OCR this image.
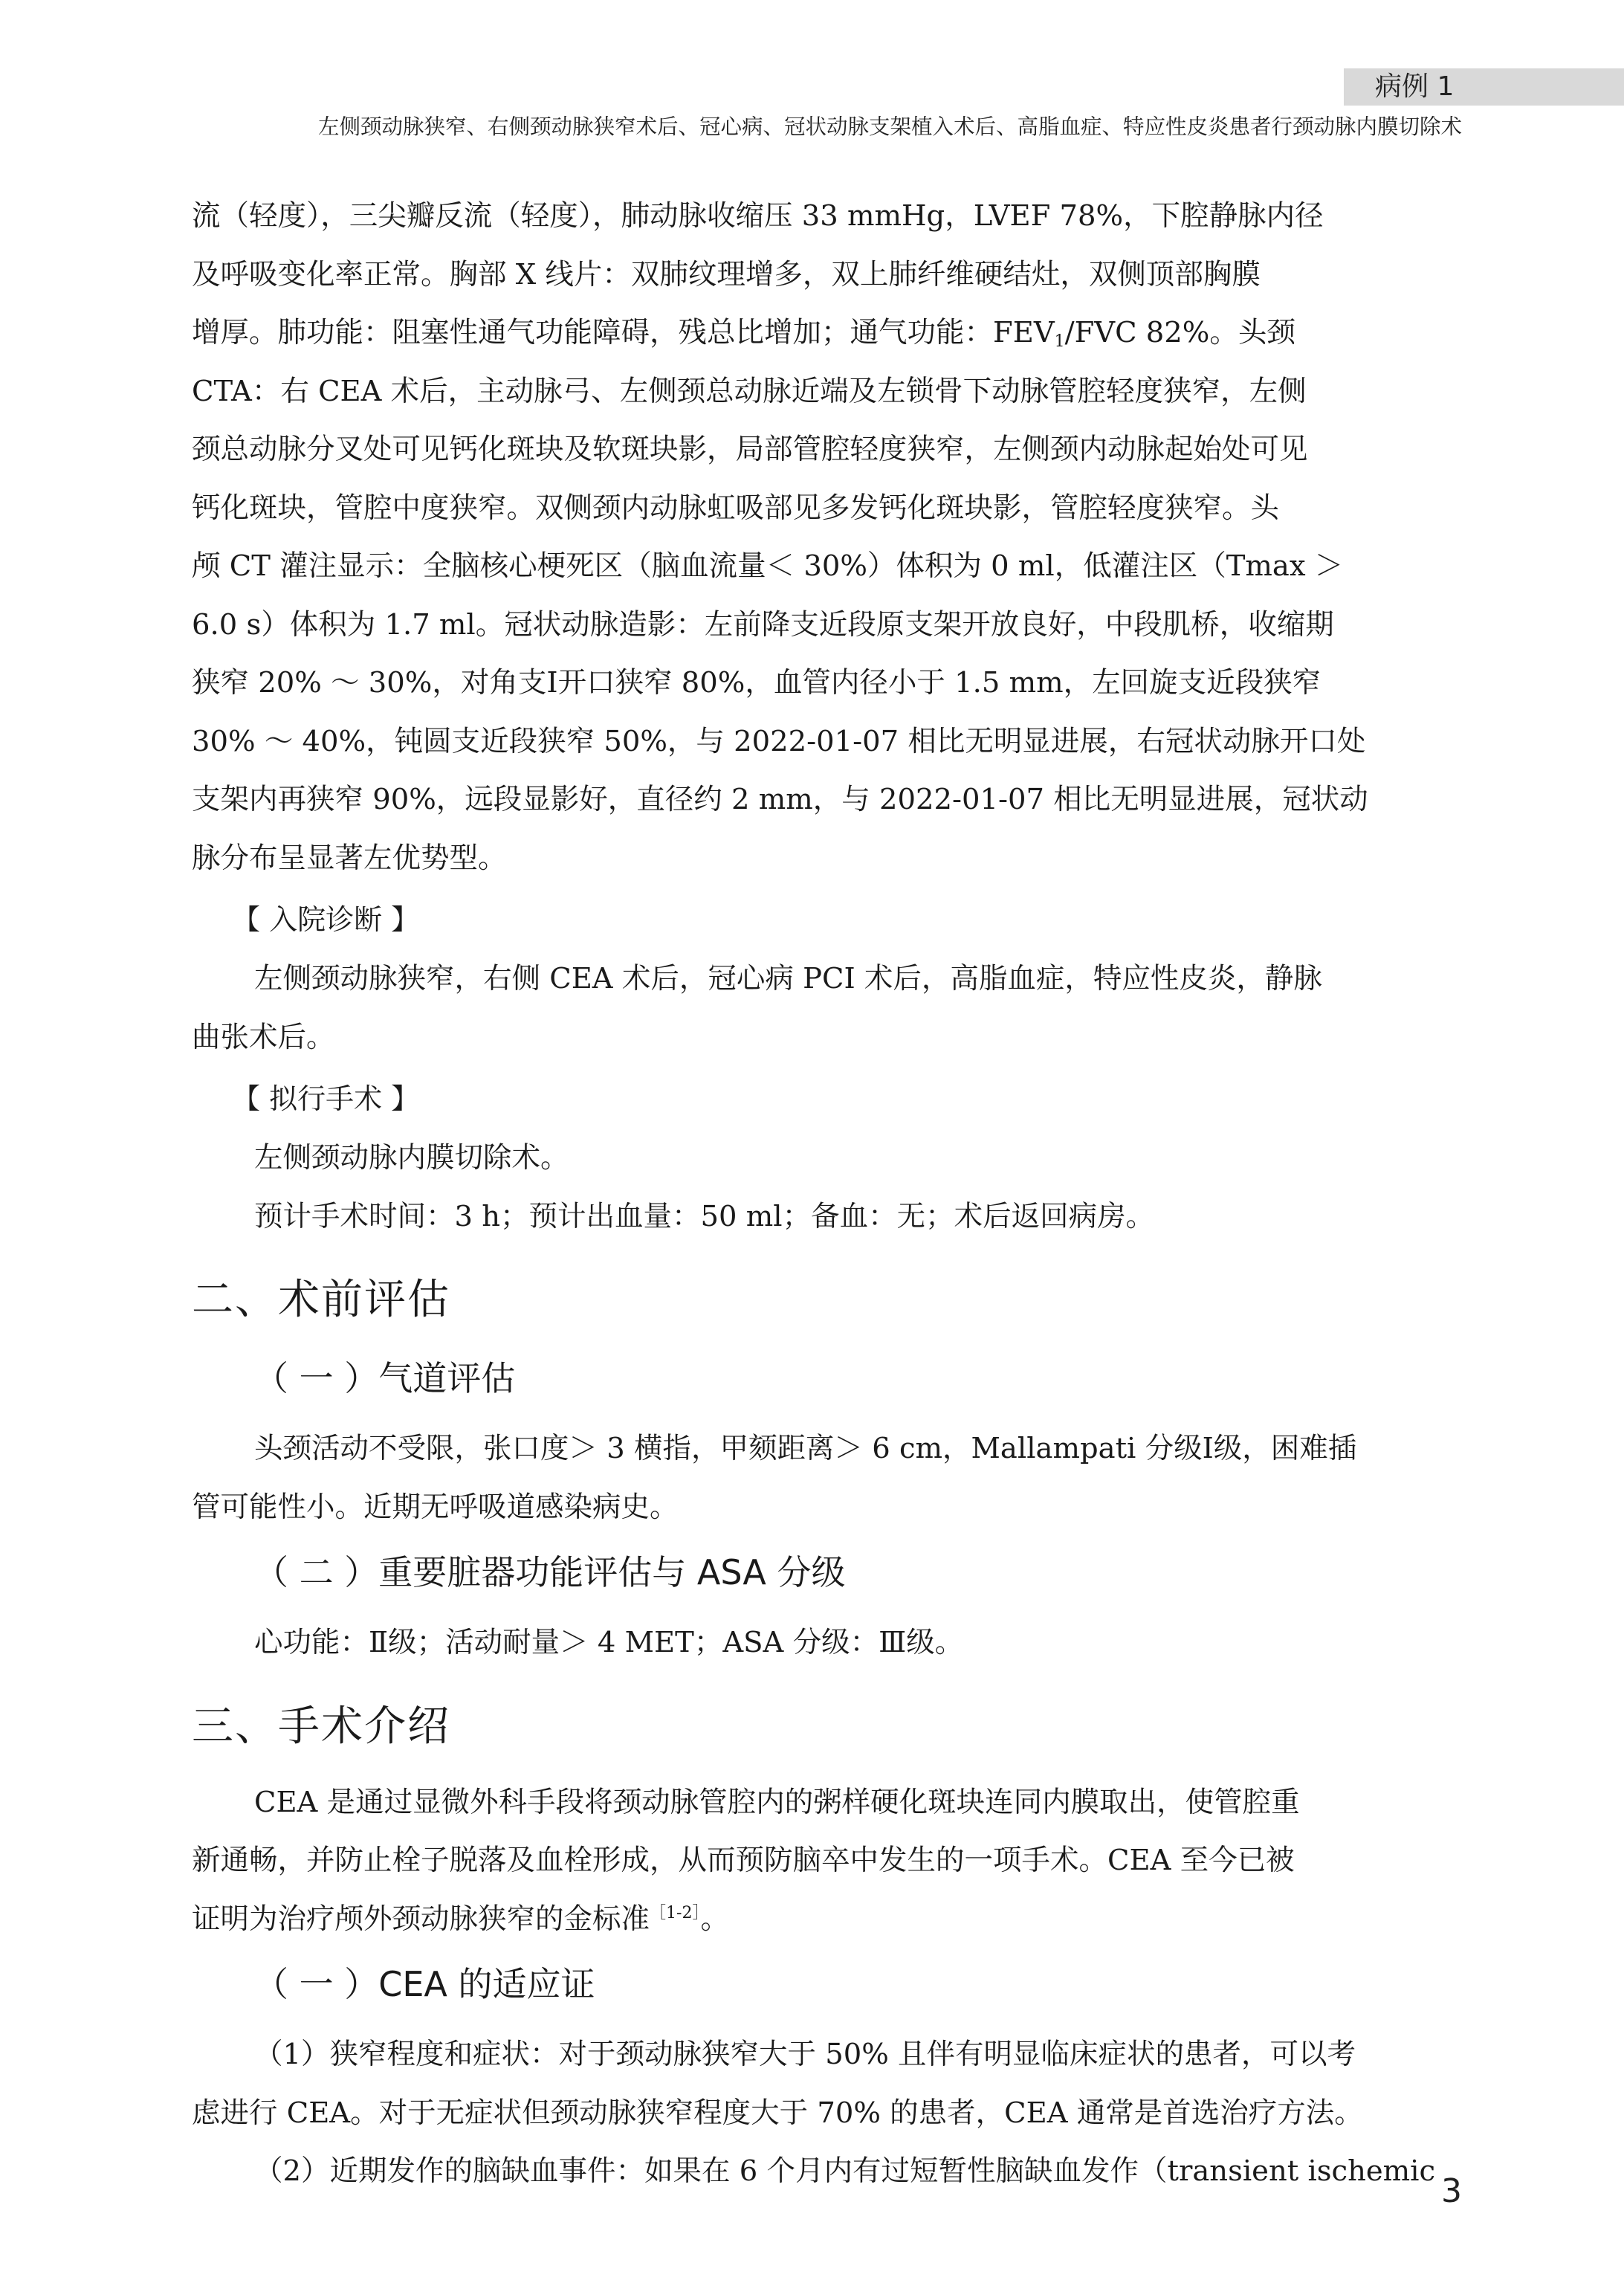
病例 1
左侧颈动脉狭窄、右侧颈动脉狭窄术后、冠心病、冠状动脉支架植入术后、高脂血症、特应性皮炎患者行颈动脉内膜切除术

流（轻度），三尖瓣反流（轻度），肺动脉收缩压 33 mmHg，LVEF 78%，下腔静脉内径
及呼吸变化率正常。胸部 X 线片：双肺纹理增多，双上肺纤维硬结灶，双侧顶部胸膜
增厚。肺功能：阻塞性通气功能障碍，残总比增加；通气功能：$FEV_1$/FVC 82%。头颈
CTA：右 CEA 术后，主动脉弓、左侧颈总动脉近端及左锁骨下动脉管腔轻度狭窄，左侧
颈总动脉分叉处可见钙化斑块及软斑块影，局部管腔轻度狭窄，左侧颈内动脉起始处可见
钙化斑块，管腔中度狭窄。双侧颈内动脉虹吸部见多发钙化斑块影，管腔轻度狭窄。头
颅 CT 灌注显示：全脑核心梗死区（脑血流量＜ 30%）体积为 0 ml，低灌注区（Tmax ＞
6.0 s）体积为 1.7 ml。冠状动脉造影：左前降支近段原支架开放良好，中段肌桥，收缩期
狭窄 20% ～ 30%，对角支Ⅰ开口狭窄 80%，血管内径小于 1.5 mm，左回旋支近段狭窄
30% ～ 40%，钝圆支近段狭窄 50%，与 2022-01-07 相比无明显进展，右冠状动脉开口处
支架内再狭窄 90%，远段显影好，直径约 2 mm，与 2022-01-07 相比无明显进展，冠状动
脉分布呈显著左优势型。

【 入院诊断 】

左侧颈动脉狭窄，右侧 CEA 术后，冠心病 PCI 术后，高脂血症，特应性皮炎，静脉
曲张术后。

【 拟行手术 】

左侧颈动脉内膜切除术。
预计手术时间：3 h；预计出血量：50 ml；备血：无；术后返回病房。

二、术前评估
（ 一 ）气道评估

头颈活动不受限，张口度＞ 3 横指，甲颏距离＞ 6 cm，Mallampati 分级Ⅰ级，困难插
管可能性小。近期无呼吸道感染病史。

（ 二 ）重要脏器功能评估与 ASA 分级

心功能：Ⅱ级；活动耐量＞ 4 MET；ASA 分级：Ⅲ级。

三、手术介绍

CEA 是通过显微外科手段将颈动脉管腔内的粥样硬化斑块连同内膜取出，使管腔重
新通畅，并防止栓子脱落及血栓形成，从而预防脑卒中发生的一项手术。CEA 至今已被
证明为治疗颅外颈动脉狭窄的金标准$^{[1-2]}$。

（ 一 ）CEA 的适应证

（1）狭窄程度和症状：对于颈动脉狭窄大于 50% 且伴有明显临床症状的患者，可以考
虑进行 CEA。对于无症状但颈动脉狭窄程度大于 70% 的患者，CEA 通常是首选治疗方法。
（2）近期发作的脑缺血事件：如果在 6 个月内有过短暂性脑缺血发作（transient ischemic

3
